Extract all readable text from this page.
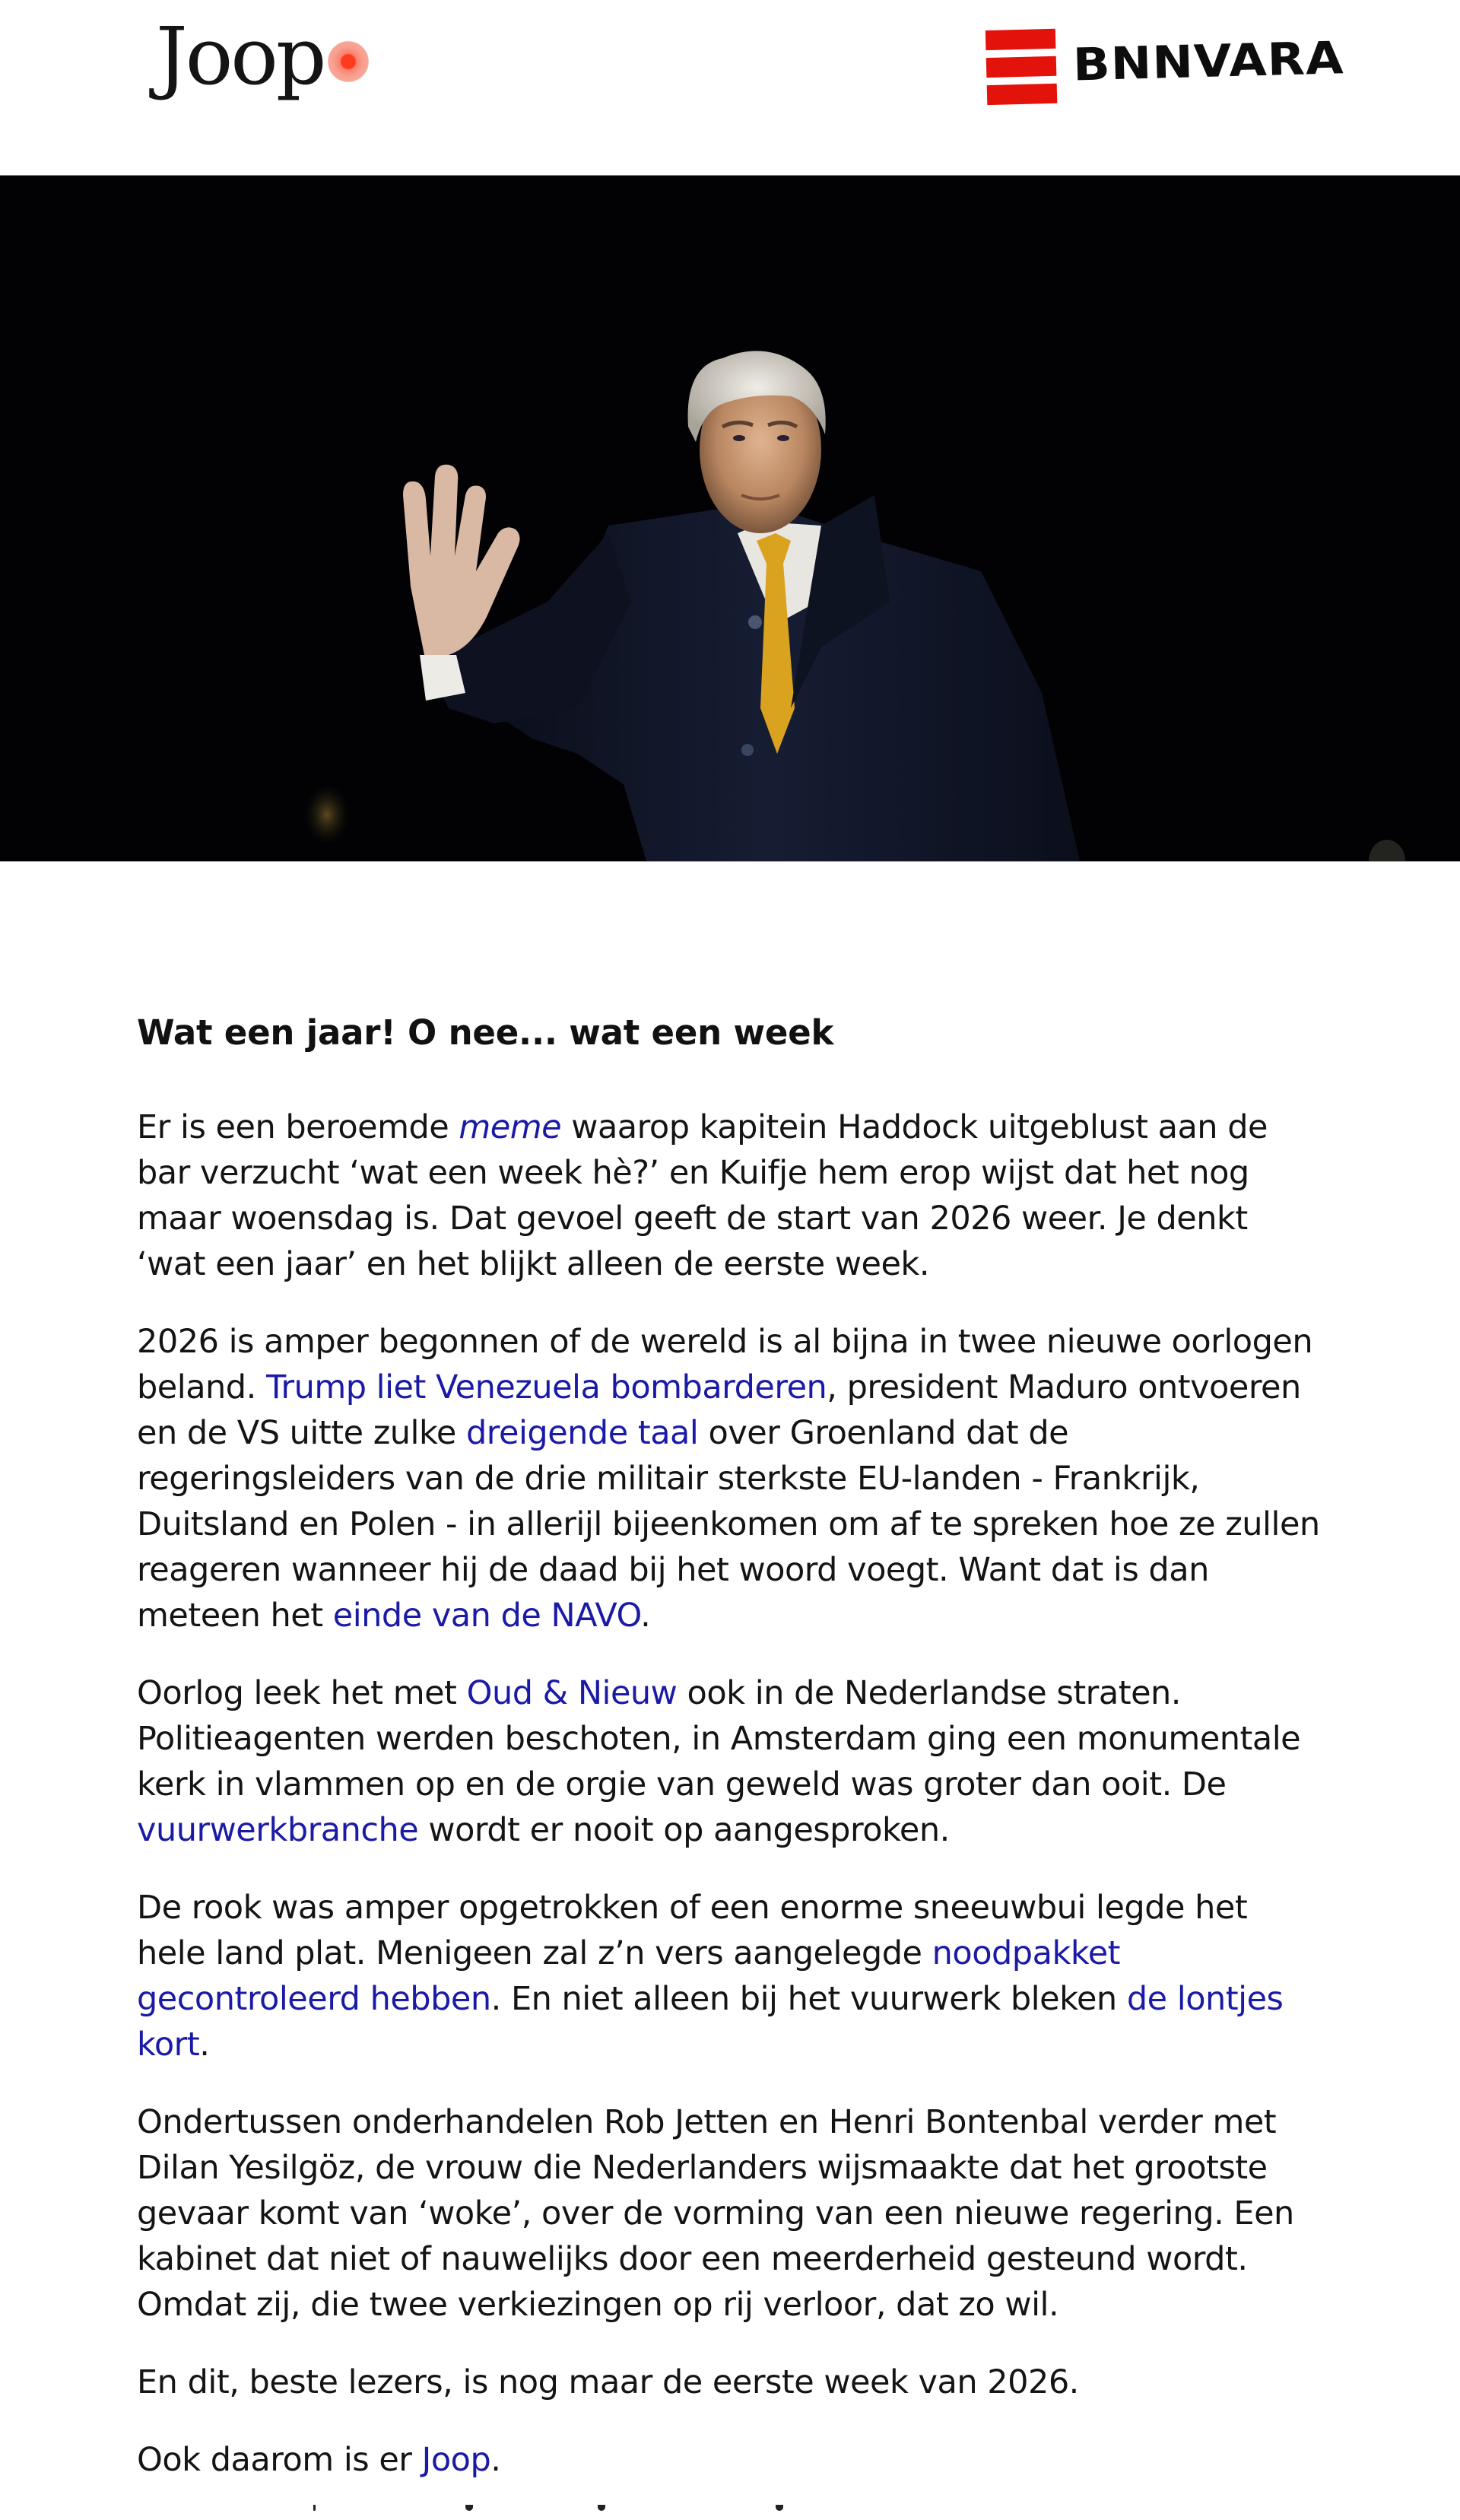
Joop	BNNVARA
Wat een jaar! O nee... wat een week

Er is een beroemde meme waarop kapitein Haddock uitgeblust aan de bar verzucht ‘wat een week hè?’ en Kuifje hem erop wijst dat het nog maar woensdag is. Dat gevoel geeft de start van 2026 weer. Je denkt ‘wat een jaar’ en het blijkt alleen de eerste week.

2026 is amper begonnen of de wereld is al bijna in twee nieuwe oorlogen beland. Trump liet Venezuela bombarderen, president Maduro ontvoeren en de VS uitte zulke dreigende taal over Groenland dat de regeringsleiders van de drie militair sterkste EU-landen - Frankrijk, Duitsland en Polen - in allerijl bijeenkomen om af te spreken hoe ze zullen reageren wanneer hij de daad bij het woord voegt. Want dat is dan meteen het einde van de NAVO.

Oorlog leek het met Oud & Nieuw ook in de Nederlandse straten. Politieagenten werden beschoten, in Amsterdam ging een monumentale kerk in vlammen op en de orgie van geweld was groter dan ooit. De vuurwerkbranche wordt er nooit op aangesproken.

De rook was amper opgetrokken of een enorme sneeuwbui legde het hele land plat. Menigeen zal z’n vers aangelegde noodpakket gecontroleerd hebben. En niet alleen bij het vuurwerk bleken de lontjes kort.

Ondertussen onderhandelen Rob Jetten en Henri Bontenbal verder met Dilan Yesilgöz, de vrouw die Nederlanders wijsmaakte dat het grootste gevaar komt van ‘woke’, over de vorming van een nieuwe regering. Een kabinet dat niet of nauwelijks door een meerderheid gesteund wordt. Omdat zij, die twee verkiezingen op rij verloor, dat zo wil.

En dit, beste lezers, is nog maar de eerste week van 2026.

Ook daarom is er Joop.
